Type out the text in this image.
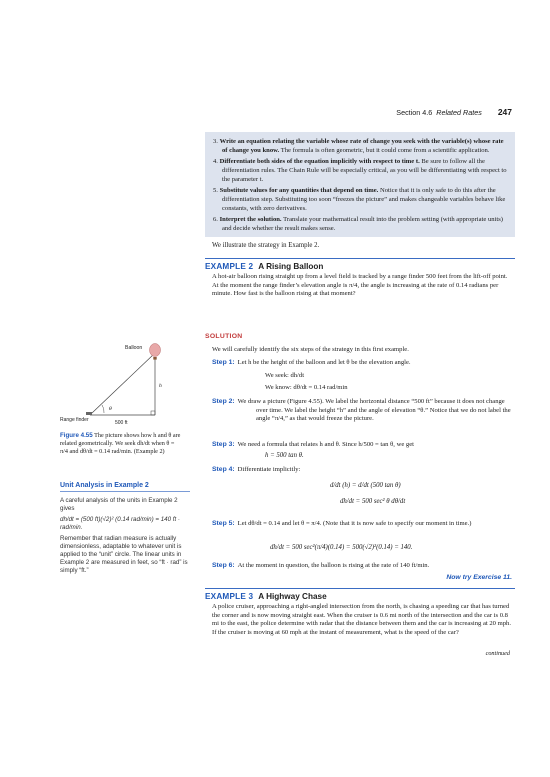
Section 4.6 Related Rates 247
3. Write an equation relating the variable whose rate of change you seek with the variable(s) whose rate of change you know. The formula is often geometric, but it could come from a scientific application.
4. Differentiate both sides of the equation implicitly with respect to time t. Be sure to follow all the differentiation rules. The Chain Rule will be especially critical, as you will be differentiating with respect to the parameter t.
5. Substitute values for any quantities that depend on time. Notice that it is only safe to do this after the differentiation step. Substituting too soon “freezes the picture” and makes changeable variables behave like constants, with zero derivatives.
6. Interpret the solution. Translate your mathematical result into the problem setting (with appropriate units) and decide whether the result makes sense.
We illustrate the strategy in Example 2.
EXAMPLE 2 A Rising Balloon
A hot-air balloon rising straight up from a level field is tracked by a range finder 500 feet from the lift-off point. At the moment the range finder’s elevation angle is π/4, the angle is increasing at the rate of 0.14 radians per minute. How fast is the balloon rising at that moment?
SOLUTION
We will carefully identify the six steps of the strategy in this first example.
Step 1: Let h be the height of the balloon and let θ be the elevation angle.
We seek: dh/dt
We know: dθ/dt = 0.14 rad/min
Step 2: We draw a picture (Figure 4.55). We label the horizontal distance “500 ft” because it does not change over time. We label the height “h” and the angle of elevation “θ.” Notice that we do not label the angle “π/4,” as that would freeze the picture.
Step 3: We need a formula that relates h and θ. Since h/500 = tan θ, we get
h = 500 tan θ.
Step 4: Differentiate implicitly:
d/dt (h) = d/dt (500 tan θ)
dh/dt = 500 sec² θ dθ/dt
Step 5: Let dθ/dt = 0.14 and let θ = π/4. (Note that it is now safe to specify our moment in time.)
dh/dt = 500 sec²(π/4)(0.14) = 500(√2)²(0.14) = 140.
Step 6: At the moment in question, the balloon is rising at the rate of 140 ft/min.
Now try Exercise 11.
Balloon
h
θ
Range finder	500 ft
Figure 4.55 The picture shows how h and θ are related geometrically. We seek dh/dt when θ = π/4 and dθ/dt = 0.14 rad/min. (Example 2)
Unit Analysis in Example 2
A careful analysis of the units in Example 2 gives
dh/dt = (500 ft)(√2)² (0.14 rad/min) = 140 ft · rad/min.
Remember that radian measure is actually dimensionless, adaptable to whatever unit is applied to the “unit” circle. The linear units in Example 2 are measured in feet, so “ft · rad” is simply “ft.”
EXAMPLE 3 A Highway Chase
A police cruiser, approaching a right-angled intersection from the north, is chasing a speeding car that has turned the corner and is now moving straight east. When the cruiser is 0.6 mi north of the intersection and the car is 0.8 mi to the east, the police determine with radar that the distance between them and the car is increasing at 20 mph. If the cruiser is moving at 60 mph at the instant of measurement, what is the speed of the car?
continued
